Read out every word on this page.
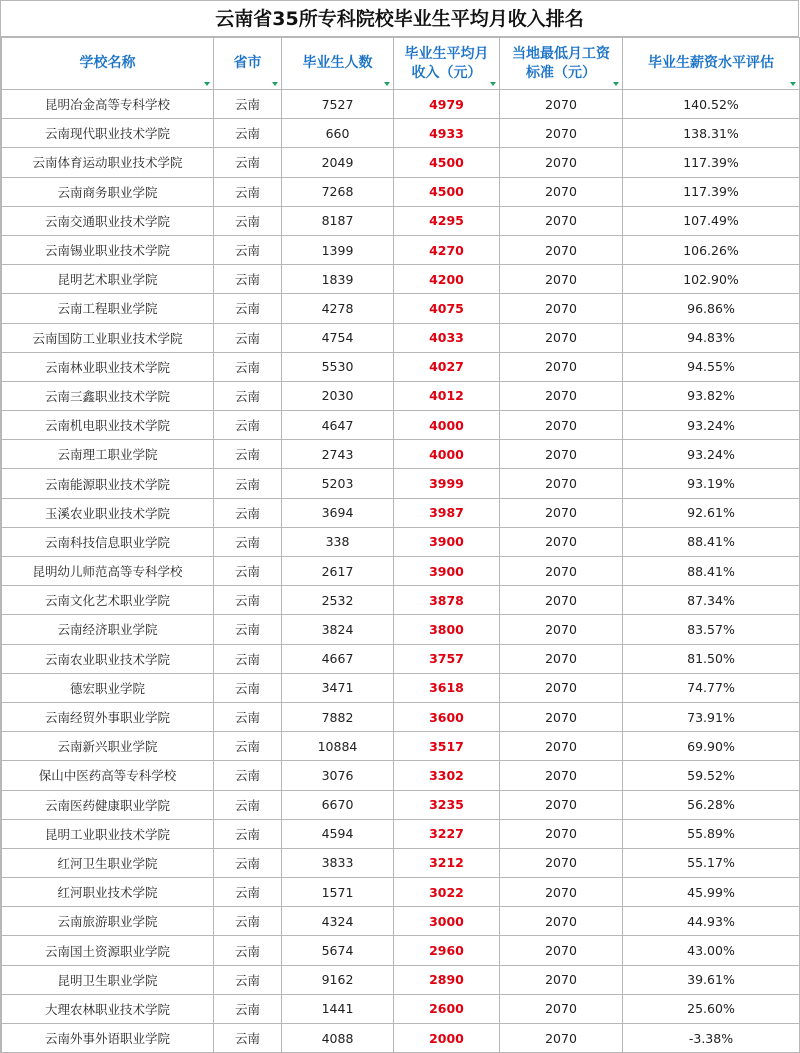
云南省35所专科院校毕业生平均月收入排名
学校名称	省市	毕业生人数	毕业生平均月收入（元）	当地最低月工资标准（元）	毕业生薪资水平评估

昆明冶金高等专科学校	云南	7527	4979	2070	140.52%
云南现代职业技术学院	云南	660	4933	2070	138.31%
云南体育运动职业技术学院	云南	2049	4500	2070	117.39%
云南商务职业学院	云南	7268	4500	2070	117.39%
云南交通职业技术学院	云南	8187	4295	2070	107.49%
云南锡业职业技术学院	云南	1399	4270	2070	106.26%
昆明艺术职业学院	云南	1839	4200	2070	102.90%
云南工程职业学院	云南	4278	4075	2070	96.86%
云南国防工业职业技术学院	云南	4754	4033	2070	94.83%
云南林业职业技术学院	云南	5530	4027	2070	94.55%
云南三鑫职业技术学院	云南	2030	4012	2070	93.82%
云南机电职业技术学院	云南	4647	4000	2070	93.24%
云南理工职业学院	云南	2743	4000	2070	93.24%
云南能源职业技术学院	云南	5203	3999	2070	93.19%
玉溪农业职业技术学院	云南	3694	3987	2070	92.61%
云南科技信息职业学院	云南	338	3900	2070	88.41%
昆明幼儿师范高等专科学校	云南	2617	3900	2070	88.41%
云南文化艺术职业学院	云南	2532	3878	2070	87.34%
云南经济职业学院	云南	3824	3800	2070	83.57%
云南农业职业技术学院	云南	4667	3757	2070	81.50%
德宏职业学院	云南	3471	3618	2070	74.77%
云南经贸外事职业学院	云南	7882	3600	2070	73.91%
云南新兴职业学院	云南	10884	3517	2070	69.90%
保山中医药高等专科学校	云南	3076	3302	2070	59.52%
云南医药健康职业学院	云南	6670	3235	2070	56.28%
昆明工业职业技术学院	云南	4594	3227	2070	55.89%
红河卫生职业学院	云南	3833	3212	2070	55.17%
红河职业技术学院	云南	1571	3022	2070	45.99%
云南旅游职业学院	云南	4324	3000	2070	44.93%
云南国土资源职业学院	云南	5674	2960	2070	43.00%
昆明卫生职业学院	云南	9162	2890	2070	39.61%
大理农林职业技术学院	云南	1441	2600	2070	25.60%
云南外事外语职业学院	云南	4088	2000	2070	-3.38%
